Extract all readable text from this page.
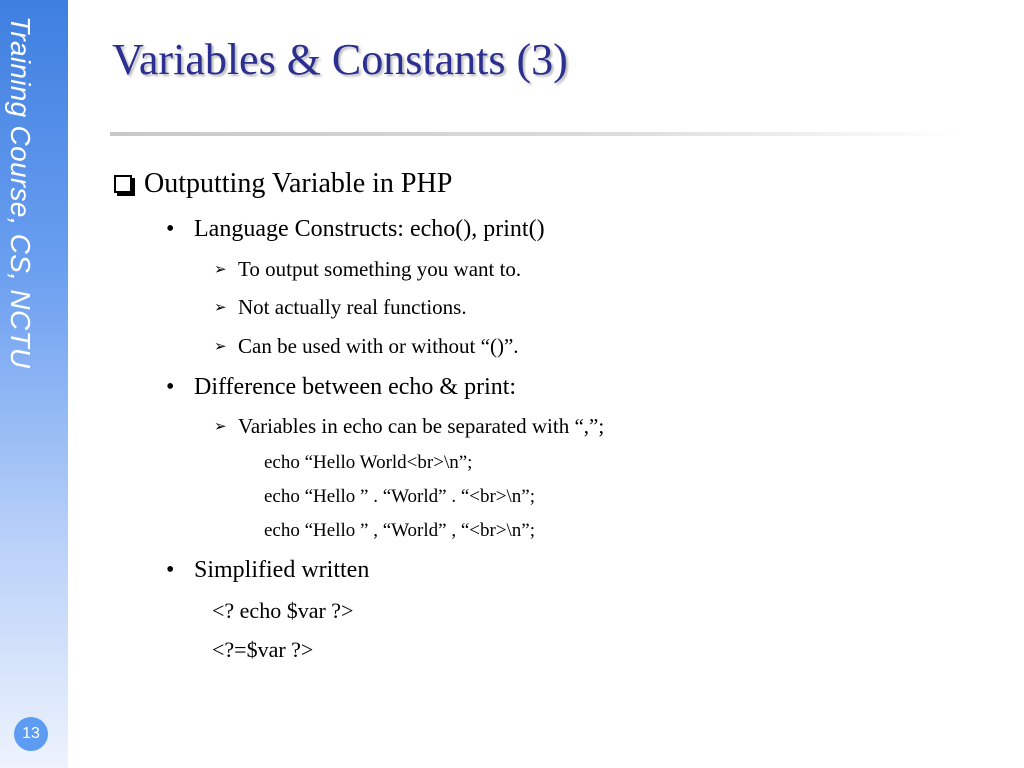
Training Course, CS, NCTU
13
Variables & Constants (3)
Outputting Variable in PHP
• Language Constructs: echo(), print()
➢ To output something you want to.
➢ Not actually real functions.
➢ Can be used with or without “()”.
• Difference between echo & print:
➢ Variables in echo can be separated with “,”;
echo “Hello World<br>\n”;
echo “Hello ” . “World” . “<br>\n”;
echo “Hello ” , “World” , “<br>\n”;
• Simplified written
<? echo $var ?>
<?=$var ?>
